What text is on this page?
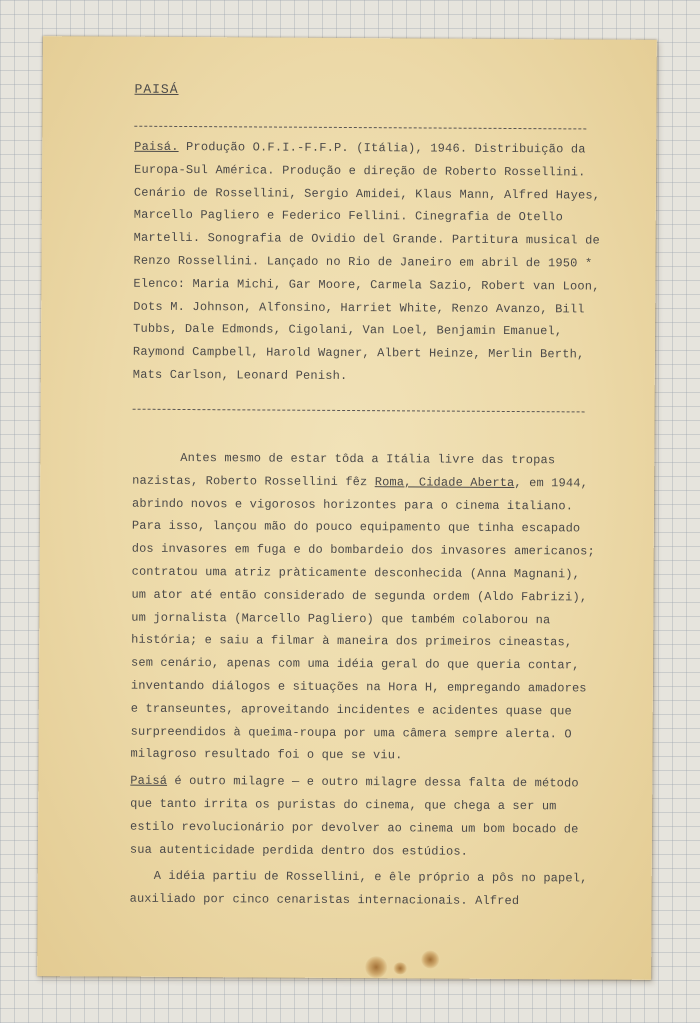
PAISÁ

Paisá. Produção O.F.I.-F.F.P. (Itália), 1946. Distribuição da Europa-Sul América. Produção e direção de Roberto Rossellini. Cenário de Rossellini, Sergio Amidei, Klaus Mann, Alfred Hayes, Marcello Pagliero e Federico Fellini. Cinegrafia de Otello Martelli. Sonografia de Ovidio del Grande. Partitura musical de Renzo Rossellini. Lançado no Rio de Janeiro em abril de 1950 * Elenco: Maria Michi, Gar Moore, Carmela Sazio, Robert van Loon, Dots M. Johnson, Alfonsino, Harriet White, Renzo Avanzo, Bill Tubbs, Dale Edmonds, Cigolani, Van Loel, Benjamin Emanuel, Raymond Campbell, Harold Wagner, Albert Heinze, Merlin Berth, Mats Carlson, Leonard Penish.

Antes mesmo de estar tôda a Itália livre das tropas nazistas, Roberto Rossellini fêz Roma, Cidade Aberta, em 1944, abrindo novos e vigorosos horizontes para o cinema italiano. Para isso, lançou mão do pouco equipamento que tinha escapado dos invasores em fuga e do bombardeio dos invasores americanos; contratou uma atriz pràticamente desconhecida (Anna Magnani), um ator até então considerado de segunda ordem (Aldo Fabrizi), um jornalista (Marcello Pagliero) que também colaborou na história; e saiu a filmar à maneira dos primeiros cineastas, sem cenário, apenas com uma idéia geral do que queria contar, inventando diálogos e situações na Hora H, empregando amadores e transeuntes, aproveitando incidentes e acidentes quase que surpreendidos à queima-roupa por uma câmera sempre alerta. O milagroso resultado foi o que se viu.

Paisá é outro milagre — e outro milagre dessa falta de método que tanto irrita os puristas do cinema, que chega a ser um estilo revolucionário por devolver ao cinema um bom bocado de sua autenticidade perdida dentro dos estúdios.

A idéia partiu de Rossellini, e êle próprio a pôs no papel, auxiliado por cinco cenaristas internacionais. Alfred
